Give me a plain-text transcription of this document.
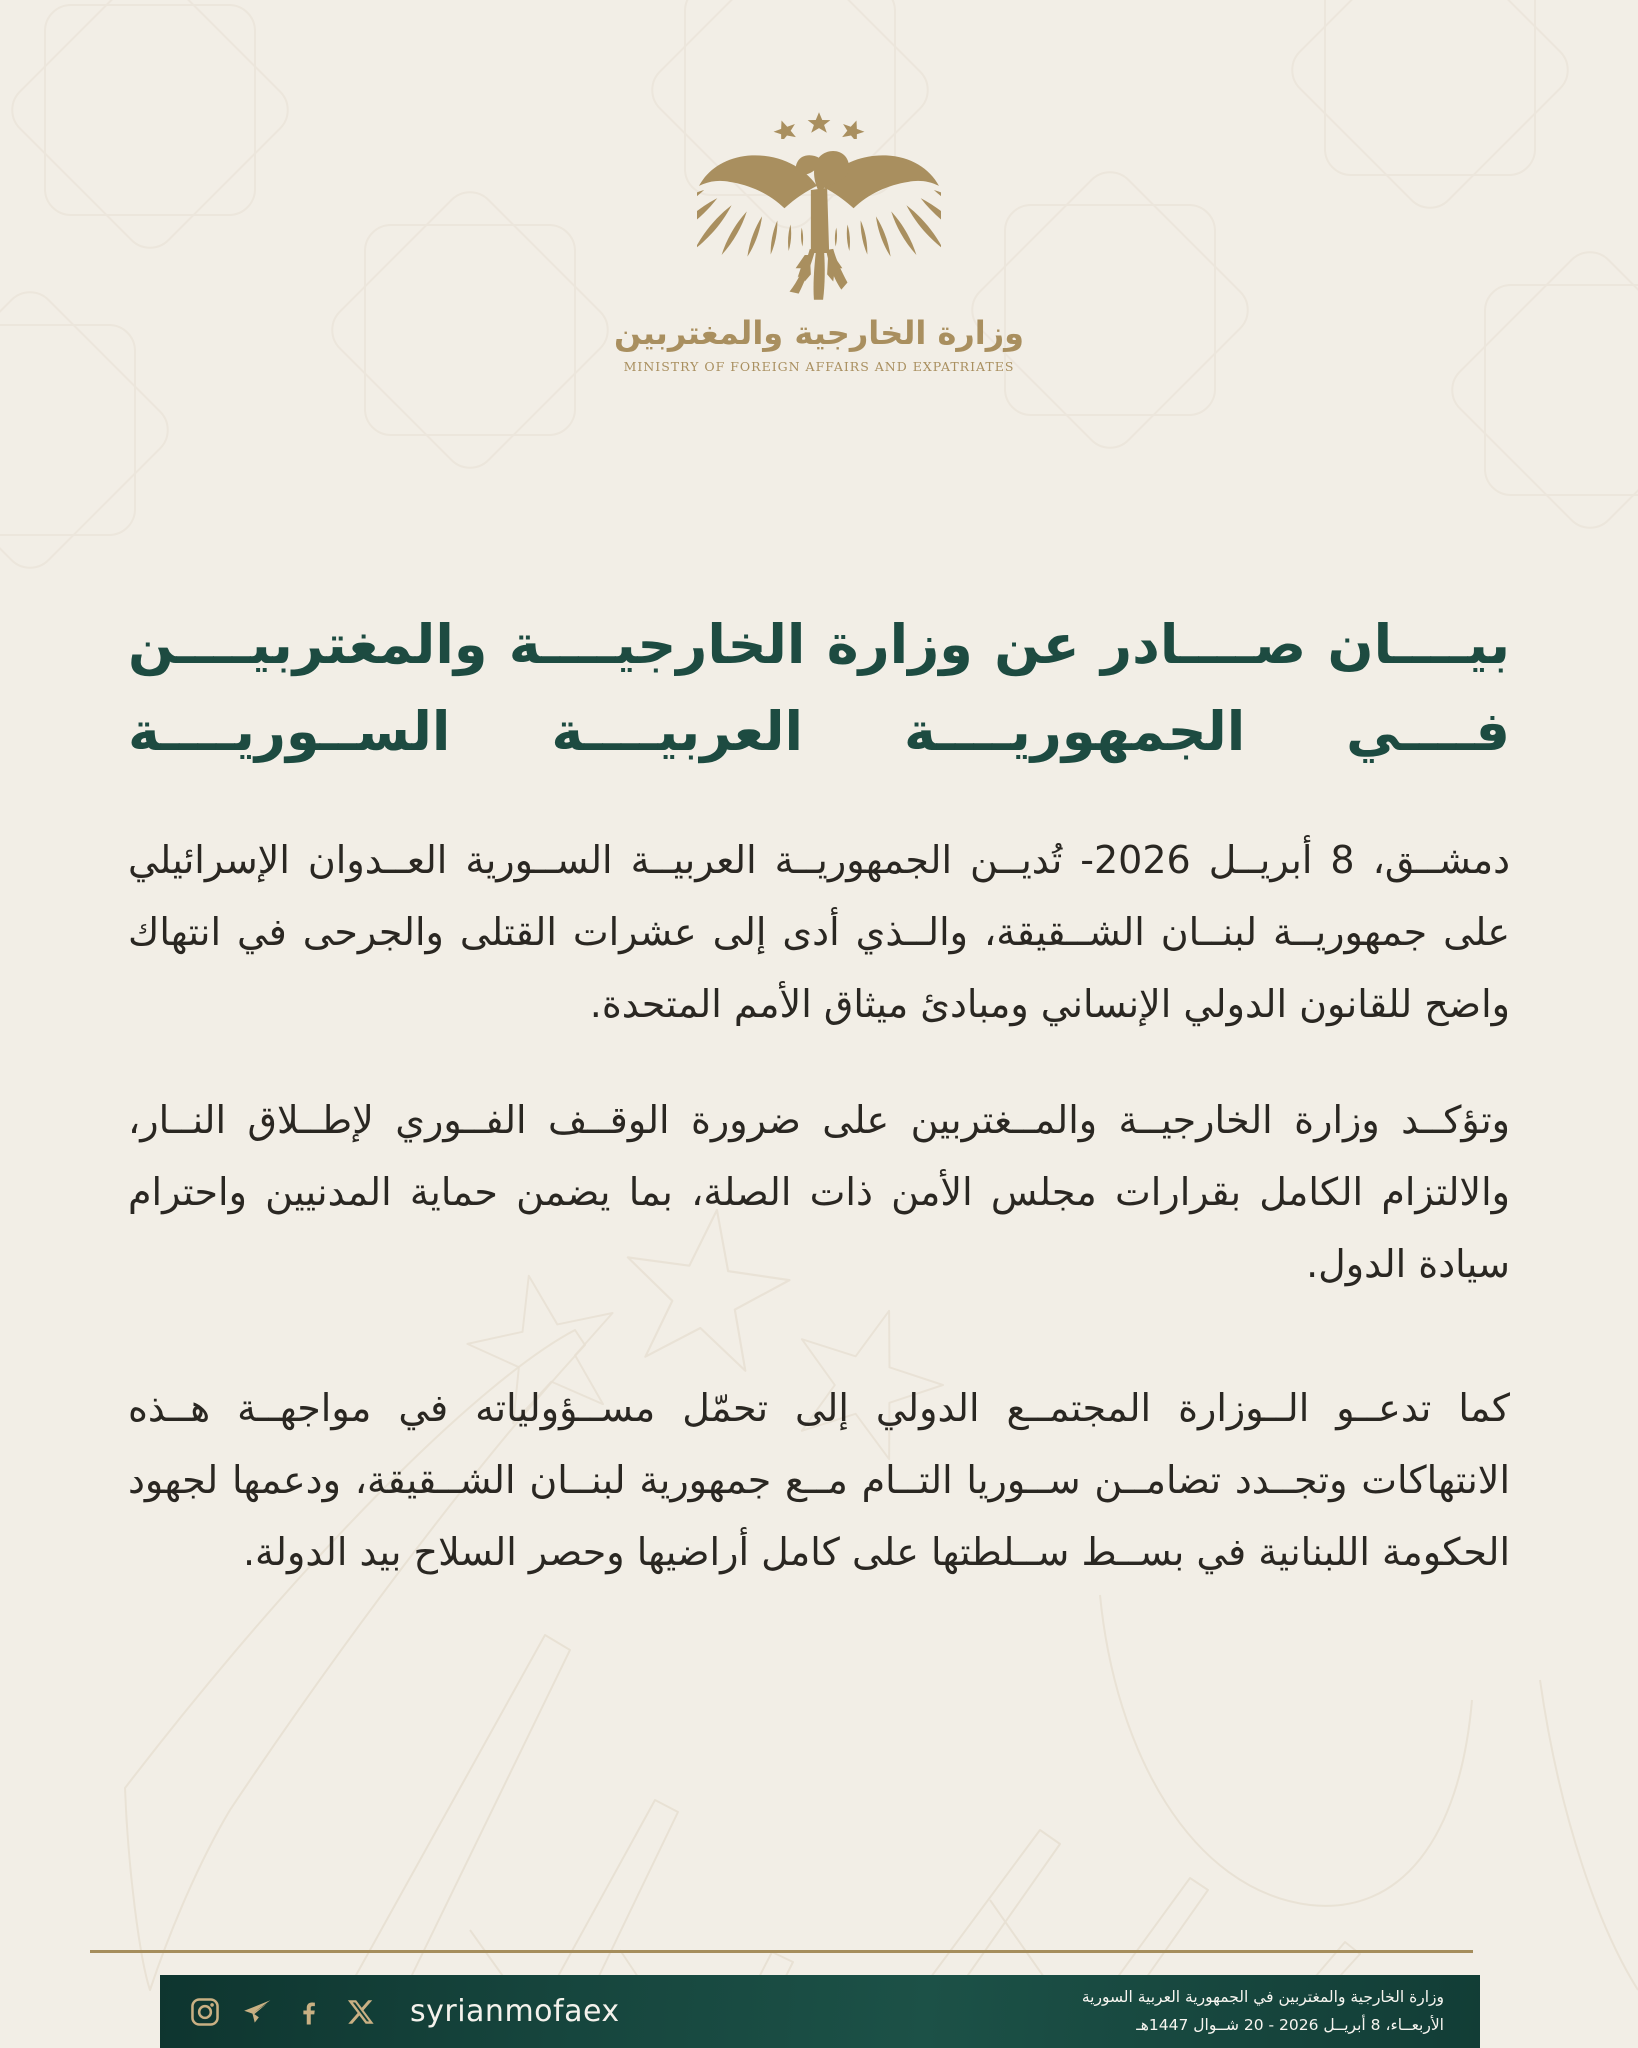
وزارة الخارجية والمغتربين
MINISTRY OF FOREIGN AFFAIRS AND EXPATRIATES
بيــــان صــــادر عن وزارة الخارجيــــة والمغتربيــــن
فــــي الجمهوريــــة العربيــــة الســوريــــة

دمشــق، 8 أبريــل 2026- تُديــن الجمهوريــة العربيــة الســورية العــدوان الإسرائيلي على جمهوريــة لبنــان الشــقيقة، والــذي أدى إلى عشرات القتلى والجرحى في انتهاك واضح للقانون الدولي الإنساني ومبادئ ميثاق الأمم المتحدة.

وتؤكــد وزارة الخارجيــة والمــغتربين على ضرورة الوقــف الفــوري لإطــلاق النــار، والالتزام الكامل بقرارات مجلس الأمن ذات الصلة، بما يضمن حماية المدنيين واحترام سيادة الدول.

كما تدعــو الــوزارة المجتمــع الدولي إلى تحمّل مســؤولياته في مواجهــة هــذه الانتهاكات وتجــدد تضامــن ســوريا التــام مــع جمهورية لبنــان الشــقيقة، ودعمها لجهود الحكومة اللبنانية في بســط ســلطتها على كامل أراضيها وحصر السلاح بيد الدولة.

syrianmofaex	وزارة الخارجية والمغتربين في الجمهورية العربية السورية
الأربعــاء، 8 أبريــل 2026 - 20 شــوال 1447هـ
